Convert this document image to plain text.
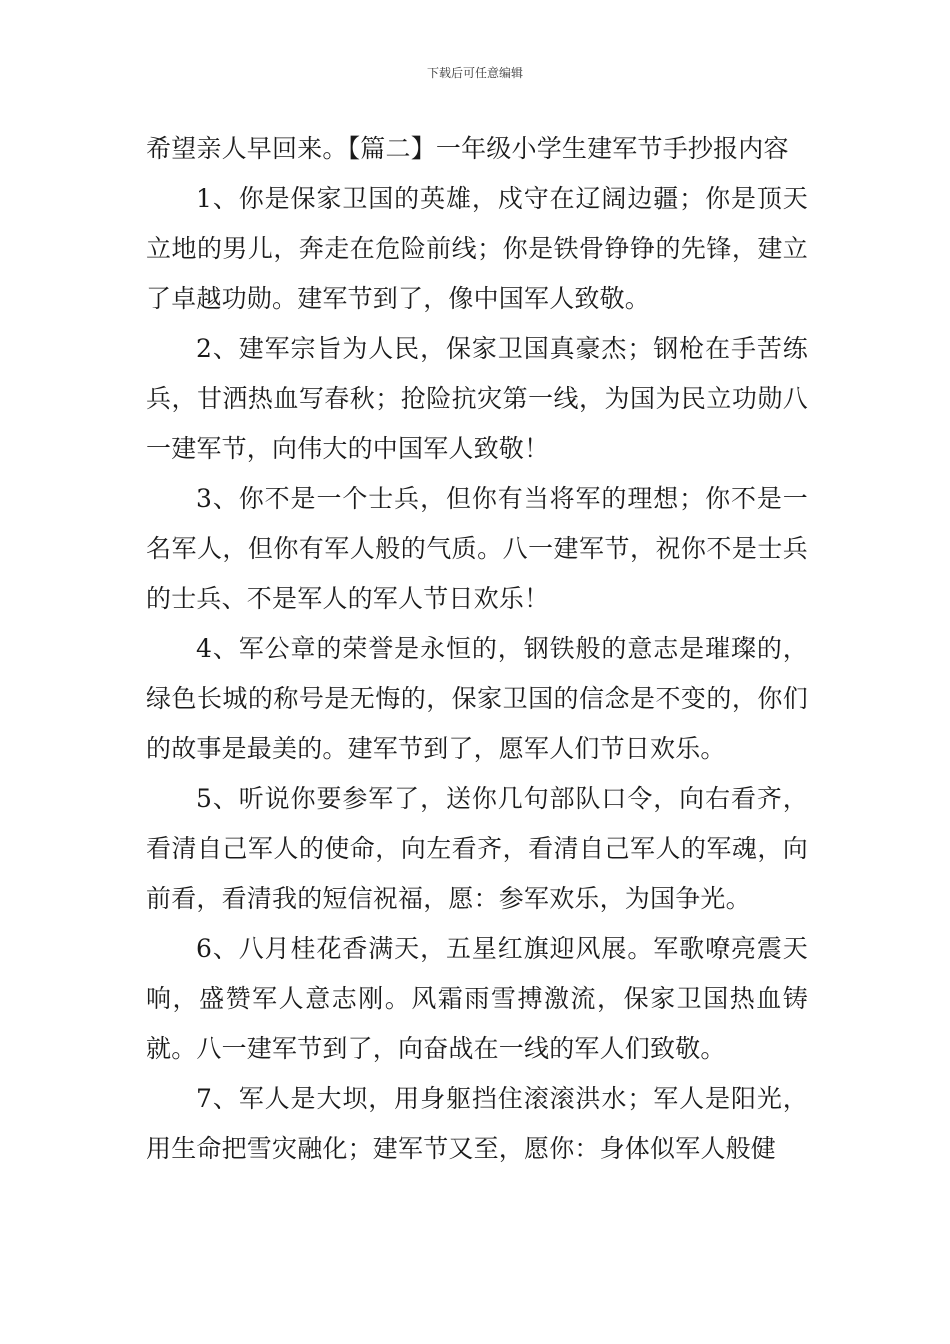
下载后可任意编辑

希望亲人早回来。【篇二】一年级小学生建军节手抄报内容

1、你是保家卫国的英雄，戍守在辽阔边疆；你是顶天立地的男儿，奔走在危险前线；你是铁骨铮铮的先锋，建立了卓越功勋。建军节到了，像中国军人致敬。

2、建军宗旨为人民，保家卫国真豪杰；钢枪在手苦练兵，甘洒热血写春秋；抢险抗灾第一线，为国为民立功勋八一建军节，向伟大的中国军人致敬！

3、你不是一个士兵，但你有当将军的理想；你不是一名军人，但你有军人般的气质。八一建军节，祝你不是士兵的士兵、不是军人的军人节日欢乐！

4、军公章的荣誉是永恒的，钢铁般的意志是璀璨的，绿色长城的称号是无悔的，保家卫国的信念是不变的，你们的故事是最美的。建军节到了，愿军人们节日欢乐。

5、听说你要参军了，送你几句部队口令，向右看齐，看清自己军人的使命，向左看齐，看清自己军人的军魂，向前看，看清我的短信祝福，愿：参军欢乐，为国争光。

6、八月桂花香满天，五星红旗迎风展。军歌嘹亮震天响，盛赞军人意志刚。风霜雨雪搏激流，保家卫国热血铸就。八一建军节到了，向奋战在一线的军人们致敬。

7、军人是大坝，用身躯挡住滚滚洪水；军人是阳光，用生命把雪灾融化；建军节又至，愿你：身体似军人般健
